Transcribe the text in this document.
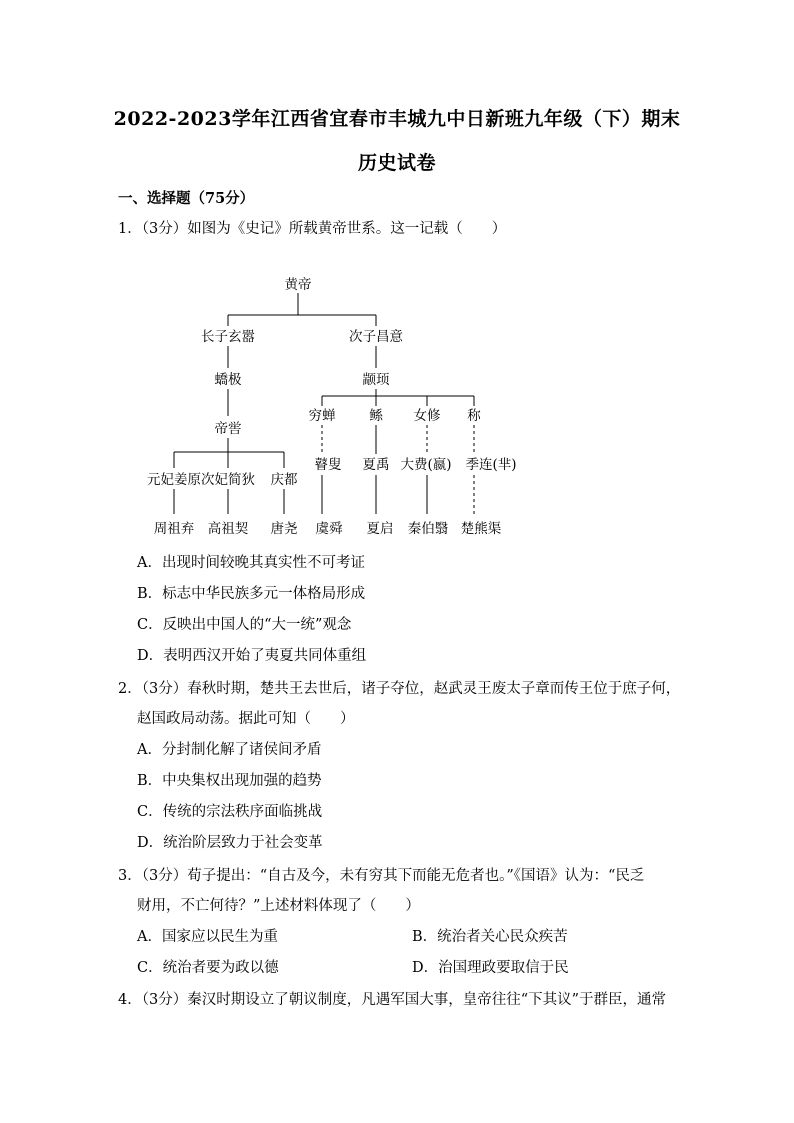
2022-2023学年江西省宜春市丰城九中日新班九年级（下）期末
历史试卷
一、选择题（75分）
1．（3分）如图为《史记》所载黄帝世系。这一记载（　　）
黄帝
长子玄嚣	次子昌意
蟜极	颛顼
帝喾
元妃姜原 次妃简狄 庆都
周祖弃 高祖契 唐尧
穷蝉	鲧 女修 称
瞽叟 夏禹 大费(嬴) 季连(芈)
虞舜 夏启 秦伯翳 楚熊渠
A．出现时间较晚其真实性不可考证
B．标志中华民族多元一体格局形成
C．反映出中国人的“大一统”观念
D．表明西汉开始了夷夏共同体重组
2．（3分）春秋时期，楚共王去世后，诸子夺位，赵武灵王废太子章而传王位于庶子何，
赵国政局动荡。据此可知（　　）
A．分封制化解了诸侯间矛盾
B．中央集权出现加强的趋势
C．传统的宗法秩序面临挑战
D．统治阶层致力于社会变革
3．（3分）荀子提出：“自古及今，未有穷其下而能无危者也。”《国语》认为：“民乏
财用，不亡何待？”上述材料体现了（　　）
A．国家应以民生为重	B．统治者关心民众疾苦
C．统治者要为政以德	D．治国理政要取信于民
4．（3分）秦汉时期设立了朝议制度，凡遇军国大事，皇帝往往“下其议”于群臣，通常
